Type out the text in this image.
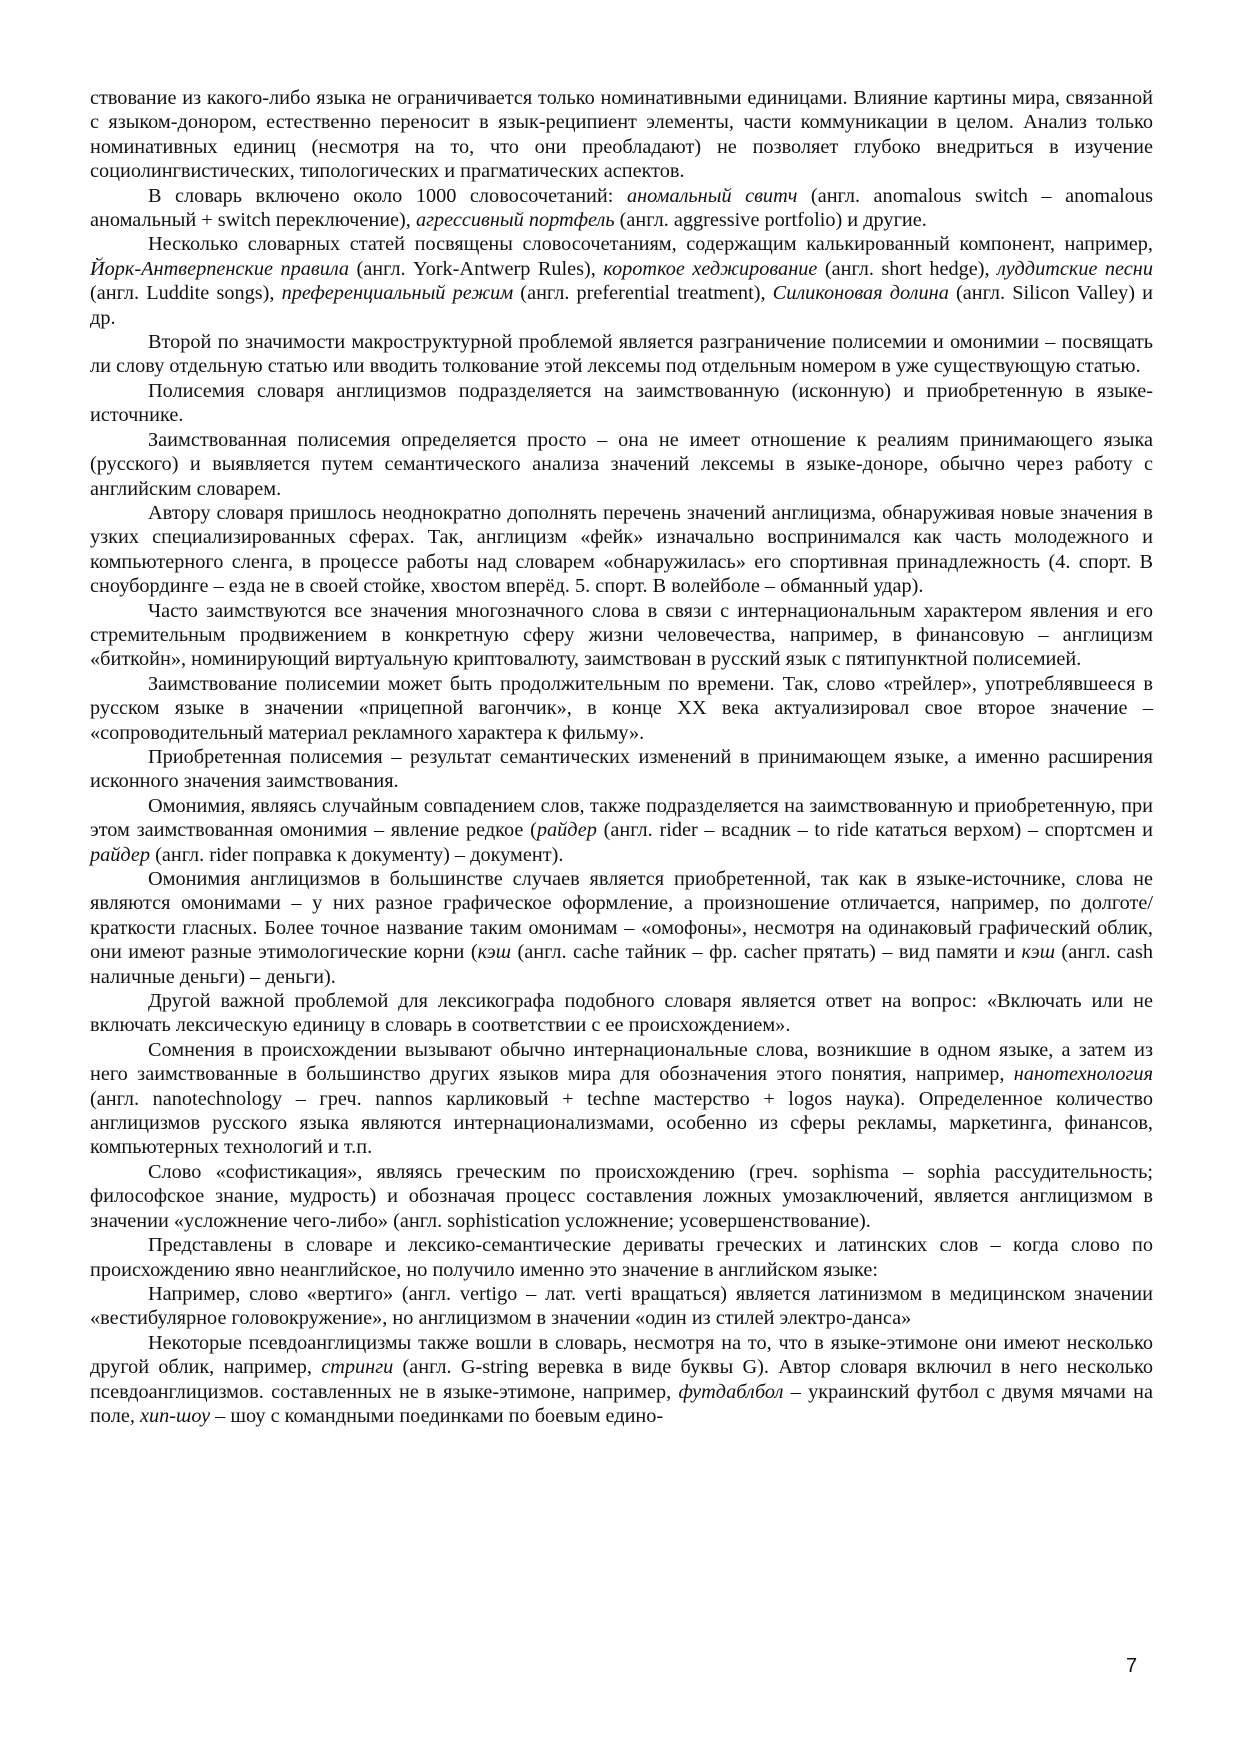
ствование из какого-либо языка не ограничивается только номинативными единицами. Влияние картины мира, связанной с языком-донором, естественно переносит в язык-реципиент элементы, части коммуникации в целом. Анализ только номинативных единиц (несмотря на то, что они преобладают) не позволяет глубоко внедриться в изучение социолингвистических, типологических и прагматических аспектов.

В словарь включено около 1000 словосочетаний: аномальный свитч (англ. anomalous switch – anomalous аномальный + switch переключение), агрессивный портфель (англ. aggressive portfolio) и другие.

Несколько словарных статей посвящены словосочетаниям, содержащим калькированный компонент, например, Йорк-Антверпенские правила (англ. York-Antwerp Rules), короткое хеджирование (англ. short hedge), луддитские песни (англ. Luddite songs), преференциальный режим (англ. preferential treatment), Силиконовая долина (англ. Silicon Valley) и др.

Второй по значимости макроструктурной проблемой является разграничение полисемии и омонимии – посвящать ли слову отдельную статью или вводить толкование этой лексемы под отдельным номером в уже существующую статью.

Полисемия словаря англицизмов подразделяется на заимствованную (исконную) и приобретенную в языке-источнике.

Заимствованная полисемия определяется просто – она не имеет отношение к реалиям принимающего языка (русского) и выявляется путем семантического анализа значений лексемы в языке-доноре, обычно через работу с английским словарем.

Автору словаря пришлось неоднократно дополнять перечень значений англицизма, обнаруживая новые значения в узких специализированных сферах. Так, англицизм «фейк» изначально воспринимался как часть молодежного и компьютерного сленга, в процессе работы над словарем «обнаружилась» его спортивная принадлежность (4. спорт. В сноубординге – езда не в своей стойке, хвостом вперёд. 5. спорт. В волейболе – обманный удар).

Часто заимствуются все значения многозначного слова в связи с интернациональным характером явления и его стремительным продвижением в конкретную сферу жизни человечества, например, в финансовую – англицизм «биткойн», номинирующий виртуальную криптовалюту, заимствован в русский язык с пятипунктной полисемией.

Заимствование полисемии может быть продолжительным по времени. Так, слово «трейлер», употреблявшееся в русском языке в значении «прицепной вагончик», в конце XX века актуализировал свое второе значение – «сопроводительный материал рекламного характера к фильму».

Приобретенная полисемия – результат семантических изменений в принимающем языке, а именно расширения исконного значения заимствования.

Омонимия, являясь случайным совпадением слов, также подразделяется на заимствованную и приобретенную, при этом заимствованная омонимия – явление редкое (райдер (англ. rider – всадник – to ride кататься верхом) – спортсмен и райдер (англ. rider поправка к документу) – документ).

Омонимия англицизмов в большинстве случаев является приобретенной, так как в языке-источнике, слова не являются омонимами – у них разное графическое оформление, а произношение отличается, например, по долготе/краткости гласных. Более точное название таким омонимам – «омофоны», несмотря на одинаковый графический облик, они имеют разные этимологические корни (кэш (англ. cache тайник – фр. cacher прятать) – вид памяти и кэш (англ. cash наличные деньги) – деньги).

Другой важной проблемой для лексикографа подобного словаря является ответ на вопрос: «Включать или не включать лексическую единицу в словарь в соответствии с ее происхождением».

Сомнения в происхождении вызывают обычно интернациональные слова, возникшие в одном языке, а затем из него заимствованные в большинство других языков мира для обозначения этого понятия, например, нанотехнология (англ. nanotechnology – греч. nannos карликовый + techne мастерство + logos наука). Определенное количество англицизмов русского языка являются интернационализмами, особенно из сферы рекламы, маркетинга, финансов, компьютерных технологий и т.п.

Слово «софистикация», являясь греческим по происхождению (греч. sophisma – sophia рассудительность; философское знание, мудрость) и обозначая процесс составления ложных умозаключений, является англицизмом в значении «усложнение чего-либо» (англ. sophistication усложнение; усовершенствование).

Представлены в словаре и лексико-семантические дериваты греческих и латинских слов – когда слово по происхождению явно неанглийское, но получило именно это значение в английском языке:

Например, слово «вертиго» (англ. vertigo – лат. verti вращаться) является латинизмом в медицинском значении «вестибулярное головокружение», но англицизмом в значении «один из стилей электро-данса»

Некоторые псевдоанглицизмы также вошли в словарь, несмотря на то, что в языке-этимоне они имеют несколько другой облик, например, стринги (англ. G-string веревка в виде буквы G). Автор словаря включил в него несколько псевдоанглицизмов. составленных не в языке-этимоне, например, футдаблбол – украинский футбол с двумя мячами на поле, хип-шоу – шоу с командными поединками по боевым едино-

7
